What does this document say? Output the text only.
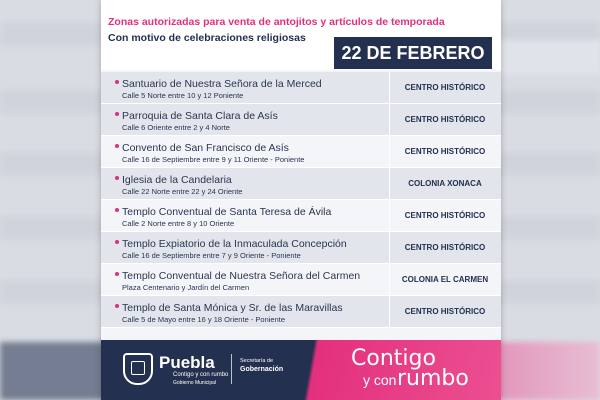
Zonas autorizadas para venta de antojitos y artículos de temporada
Con motivo de celebraciones religiosas
22 DE FEBRERO
Santuario de Nuestra Señora de la Merced
Calle 5 Norte entre 10 y 12 Poniente
CENTRO HISTÓRICO
Parroquia de Santa Clara de Asís
Calle 6 Oriente entre 2 y 4 Norte
CENTRO HISTÓRICO
Convento de San Francisco de Asís
Calle 16 de Septiembre entre 9 y 11 Oriente - Poniente
CENTRO HISTÓRICO
Iglesia de la Candelaria
Calle 22 Norte entre 22 y 24 Oriente
COLONIA XONACA
Templo Conventual de Santa Teresa de Ávila
Calle 2 Norte entre 8 y 10 Oriente
CENTRO HISTÓRICO
Templo Expiatorio de la Inmaculada Concepción
Calle 16 de Septiembre entre 7 y 9 Oriente - Poniente
CENTRO HISTÓRICO
Templo Conventual de Nuestra Señora del Carmen
Plaza Centenario y Jardín del Carmen
COLONIA EL CARMEN
Templo de Santa Mónica y Sr. de las Maravillas
Calle 5 de Mayo entre 16 y 18 Oriente - Poniente
CENTRO HISTÓRICO
Puebla
Contigo y con rumbo
Gobierno Municipal
Secretaría de
Gobernación	Contigo
y con rumbo
